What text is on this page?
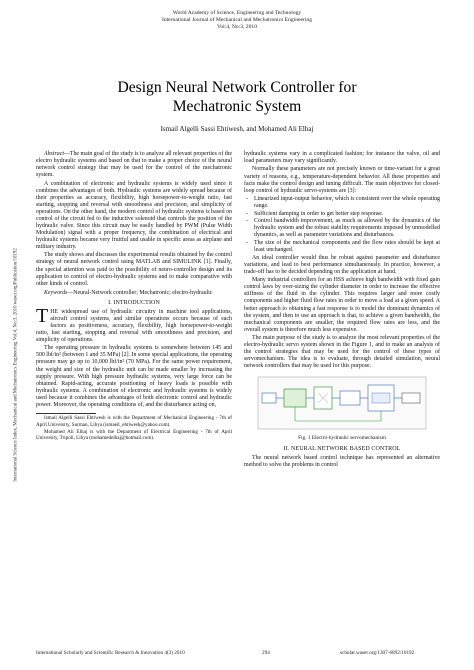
World Academy of Science, Engineering and Technology
International Journal of Mechanical and Mechatronics Engineering
Vol:4, No:3, 2010
Design Neural Network Controller for
Mechatronic System
Ismail Algelli Sassi Ehtiwesh, and Mohamed Ali Elhaj
International Science Index, Mechanical and Mechatronics Engineering Vol:4, No:3, 2010 waset.org/Publication/10192

Abstract—The main goal of the study is to analyze all relevant properties of the electro hydraulic systems and based on that to make a proper choice of the neural network control strategy that may be used for the control of the mechatronic system.

A combination of electronic and hydraulic systems is widely used since it combines the advantages of both. Hydraulic systems are widely spread because of their properties as accuracy, flexibility, high horsepower-to-weight ratio, fast starting, stopping and reversal with smoothness and precision, and simplicity of operations. On the other hand, the modern control of hydraulic systems is based on control of the circuit fed to the inductive solenoid that controls the position of the hydraulic valve. Since this circuit may be easily handled by PWM (Pulse Width Modulation) signal with a proper frequency, the combination of electrical and hydraulic systems became very fruitful and usable in specific areas as airplane and military industry.

The study shows and discusses the experimental results obtained by the control strategy of neural network control using MATLAB and SIMULINK [1]. Finally, the special attention was paid to the possibility of neuro-controller design and its application to control of electro-hydraulic systems and to make comparative with other kinds of control.

Keywords—Neural-Network controller; Mechatronic; electro-hydraulic

I. INTRODUCTION

THE widespread use of hydraulic circuitry in machine tool applications, aircraft control systems, and similar operations occurs because of such factors as positiveness, accuracy, flexibility, high horsepower-to-weight ratio, fast starting, stopping and reversal with smoothness and precision, and simplicity of operations.

The operating pressure in hydraulic systems is somewhere between 145 and 500 lbf/in² (between 1 and 35 MPa) [2]. In some special applications, the operating pressure may go up to 10,000 lbf/in² (70 MPa). For the same power requirement, the weight and size of the hydraulic unit can be made smaller by increasing the supply pressure. With high pressure hydraulic systems, very large force can be obtained. Rapid-acting, accurate positioning of heavy loads is possible with hydraulic systems. A combination of electronic and hydraulic systems is widely used because it combines the advantages of both electronic control and hydraulic power. Moreover, the operating conditions of, and the disturbance acting on,

Ismail Algelli Sassi Ehtiwesh is with the Department of Mechanical Engineering - 7th of April University, Surman, Libya (ismaeil_ehtiwesh@yahoo.com).

Mohamed Ali Elhaj is with the Department of Electrical Engineering - 7th of April University, Tripoli, Libya (mohamedelhaj@hotmail.com).

hydraulic systems vary in a complicated fashion; for instance the valve, oil and load parameters may vary significantly.

Normally these parameters are not precisely known or time-variant for a great variety of reasons, e.g., temperature-dependent behavior. All these properties and facts make the control design and tuning difficult. The main objectives for closed-loop control of hydraulic servo-systems are [3]:

- Linearized input-output behavior, which is consistent over the whole operating range.
- Sufficient damping in order to get better step response.
- Control bandwidth improvement, as much as allowed by the dynamics of the hydraulic system and the robust stability requirements imposed by unmodelled dynamics, as well as parameter variations and disturbances.
- The size of the mechanical components and the flow rates should be kept at least unchanged.

An ideal controller would thus be robust against parameter and disturbance variations, and lead to best performance simultaneously. In practice, however, a trade-off has to be decided depending on the application at hand.

Many industrial controllers for an HSS achieve high bandwidth with fixed gain control laws by over-sizing the cylinder diameter in order to increase the effective stiffness of the fluid in the cylinder. This requires larger and more costly components and higher fluid flow rates in order to move a load at a given speed. A better approach to obtaining a fast response is to model the dominant dynamics of the system, and then to use an approach is that, to achieve a given bandwidth, the mechanical components are smaller, the required flow rates are less, and the overall system is therefore much less expensive.

The main purpose of the study is to analyze the most relevant properties of the electro-hydraulic servo system shown in the Figure 1, and to make an analysis of the control strategies that may be used for the control of these types of servomechanism. The idea is to evaluate, through detailed simulation, neural network controllers that may be used for this purpose.

Fig. 1 Electro-hydraulic servomechanism
II. NEURAL NETWORK BASED CONTROL

The neural network based control technique has represented an alternative method to solve the problems in control

International Scholarly and Scientific Research & Innovation 4(3) 2010	294	scholar.waset.org/1307-6892/10192
